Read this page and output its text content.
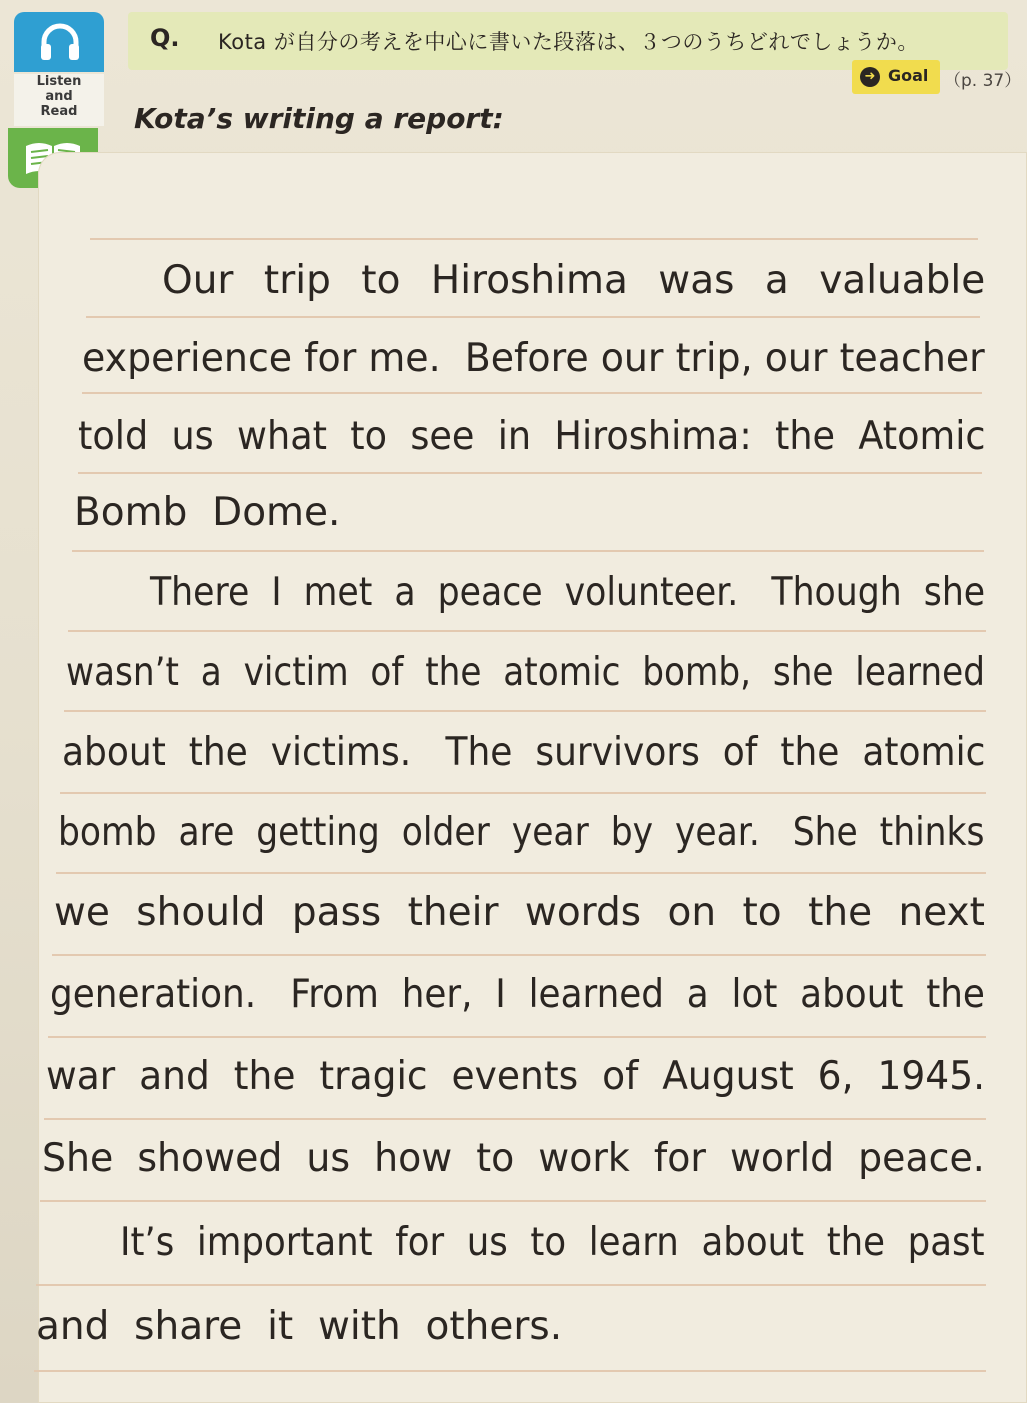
Listen
and
Read
Q. Kota が自分の考えを中心に書いた段落は、３つのうちどれでしょうか。
➜ Goal （p. 37）
Kota’s writing a report:
Our  trip  to  Hiroshima  was  a  valuable
experience for me.  Before our trip, our teacher
told  us  what  to  see  in  Hiroshima:  the  Atomic
Bomb  Dome.
There  I  met  a  peace  volunteer.   Though  she
wasn’t  a  victim  of  the  atomic  bomb,  she  learned
about  the  victims.   The  survivors  of  the  atomic
bomb  are  getting  older  year  by  year.   She  thinks
we  should  pass  their  words  on  to  the  next
generation.   From  her,  I  learned  a  lot  about  the
war  and  the  tragic  events  of  August  6,  1945.
She  showed  us  how  to  work  for  world  peace.
It’s  important  for  us  to  learn  about  the  past
and  share  it  with  others.
